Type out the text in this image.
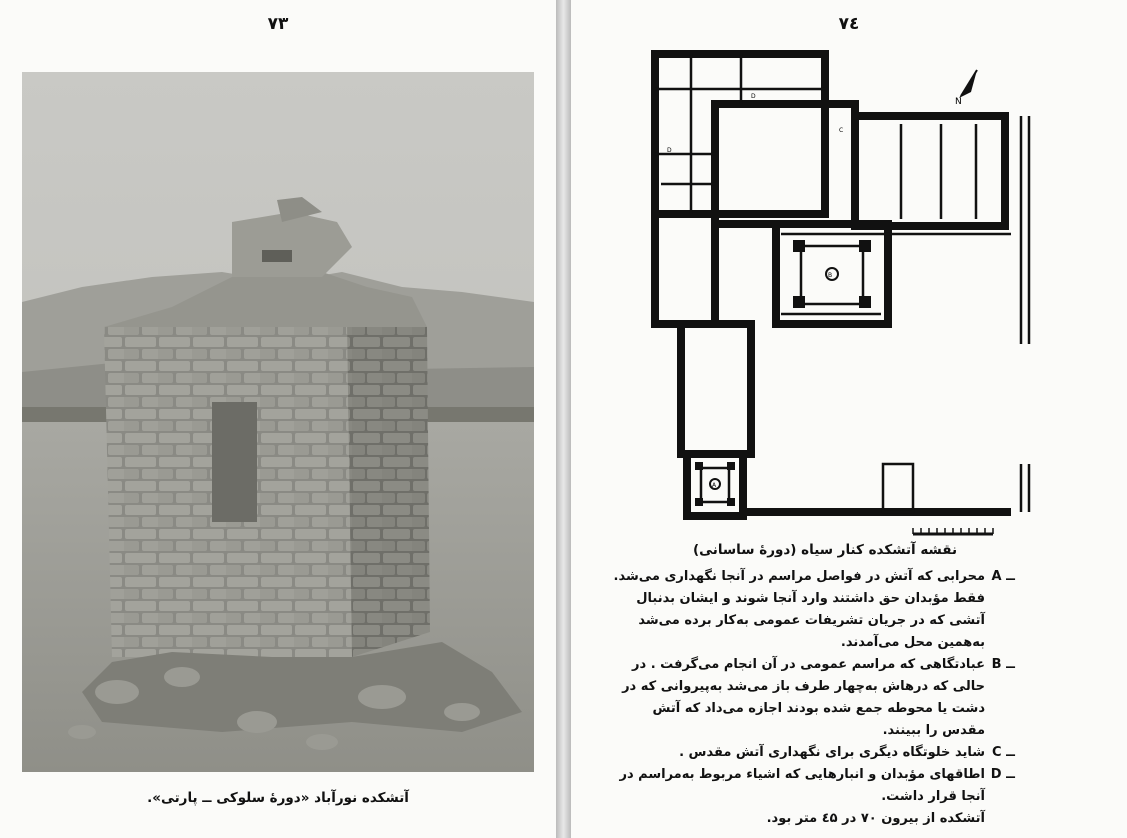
۷۳
آتشکده نورآباد «دورهٔ سلوکی ــ پارتی».
۷٤
N
D
D
C
B
A
نقشه آتشکده کنار سیاه (دورهٔ ساسانی)
A ــ
محرابی که آتش در فواصل مراسم در آنجا نگهداری می‌شد. فقط مؤبدان حق داشتند وارد آنجا شوند و ایشان بدنبال آتشی که در جریان تشریفات عمومی به‌کار برده می‌شد به‌همین محل می‌آمدند.
B ــ
عبادتگاهی که مراسم عمومی در آن انجام می‌گرفت . در حالی که درهاش به‌چهار طرف باز می‌شد به‌پیروانی که در دشت یا محوطه جمع شده بودند اجازه می‌داد که آتش مقدس را ببینند.
C ــ
شاید خلوتگاه دیگری برای نگهداری آتش مقدس .
D ــ
اطاقهای مؤبدان و انبارهایی که اشیاء مربوط به‌مراسم در آنجا قرار داشت.
آتشکده از بیرون ۷۰ در ٤۵ متر بود.
